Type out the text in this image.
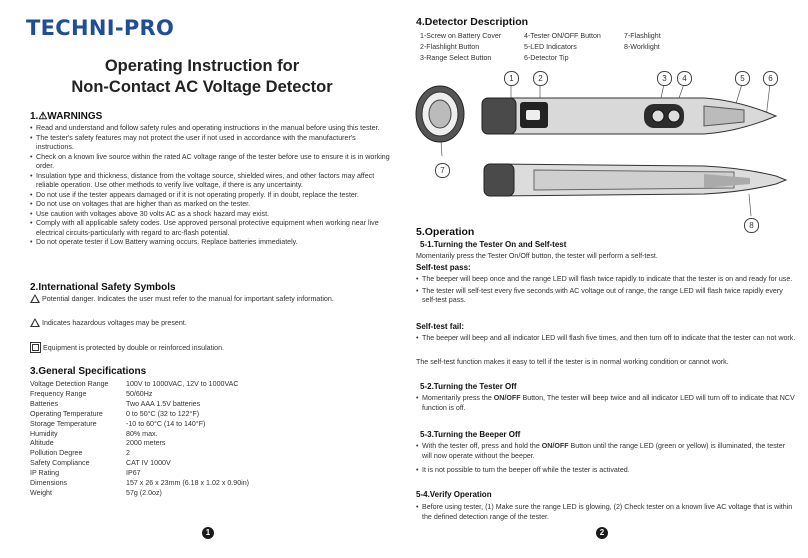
TECHNI-PRO
Operating Instruction for
Non-Contact AC Voltage Detector
1.⚠WARNINGS
• Read and understand and follow safety rules and operating instructions in the manual before using this tester.
• The tester's safety features may not protect the user if not used in accordance with the manufacturer's instructions.
• Check on a known live source within the rated AC voltage range of the tester before use to ensure it is in working order.
• Insulation type and thickness, distance from the voltage source, shielded wires, and other factors may affect reliable operation. Use other methods to verify live voltage, if there is any uncertainty.
• Do not use if the tester appears damaged or if it is not operating properly. If in doubt, replace the tester.
• Do not use on voltages that are higher than as marked on the tester.
• Use caution with voltages above 30 volts AC as a shock hazard may exist.
• Comply with all applicable safety codes. Use approved personal protective equipment when working near live electrical circuits-particularly with regard to arc-flash potential.
• Do not operate tester if Low Battery warning occurs. Replace batteries immediately.
2.International Safety Symbols
Potential danger. Indicates the user must refer to the manual for important safety information.
Indicates hazardous voltages may be present.
Equipment is protected by double or reinforced insulation.
3.General Specifications
Voltage Detection Range	100V to 1000VAC, 12V to 1000VAC
Frequency Range	50/60Hz
Batteries	Two AAA 1.5V batteries
Operating Temperature	0 to 50°C (32 to 122°F)
Storage Temperature	-10 to 60°C (14 to 140°F)
Humidity	80% max.
Altitude	2000 meters
Pollution Degree	2
Safety Compliance	CAT IV 1000V
IP Rating	IP67
Dimensions	157 x 26 x 23mm (6.18 x 1.02 x 0.90in)
Weight	57g (2.0oz)
1
4.Detector Description
1-Screw on Battery Cover
2-Flashlight Button
3-Range Select Button
4-Tester ON/OFF Button
5-LED Indicators
6-Detector Tip
7-Flashlight
8-Worklight
1	2	3	4	5	6
7
8
5.Operation
5-1.Turning the Tester On and Self-test
Momentarily press the Tester On/Off button, the tester will perform a self-test.
Self-test pass:
• The beeper will beep once and the range LED will flash twice rapidly to indicate that the tester is on and ready for use.
• The tester will self-test every five seconds with AC voltage out of range, the range LED will flash twice rapidly every self-test pass.
Self-test fail:
• The beeper will beep and all indicator LED will flash five times, and then turn off to indicate that the tester can not work.
The self-test function makes it easy to tell if the tester is in normal working condition or cannot work.
5-2.Turning the Tester Off
• Momentarily press the ON/OFF Button, The tester will beep twice and all indicator LED will turn off to indicate that NCV function is off.
5-3.Turning the Beeper Off
• With the tester off, press and hold the ON/OFF Button until the range LED (green or yellow) is illuminated, the tester will now operate without the beeper.
• It is not possible to turn the beeper off while the tester is activated.
5-4.Verify Operation
• Before using tester, (1) Make sure the range LED is glowing, (2) Check tester on a known live AC voltage that is within the defined detection range of the tester.
2
